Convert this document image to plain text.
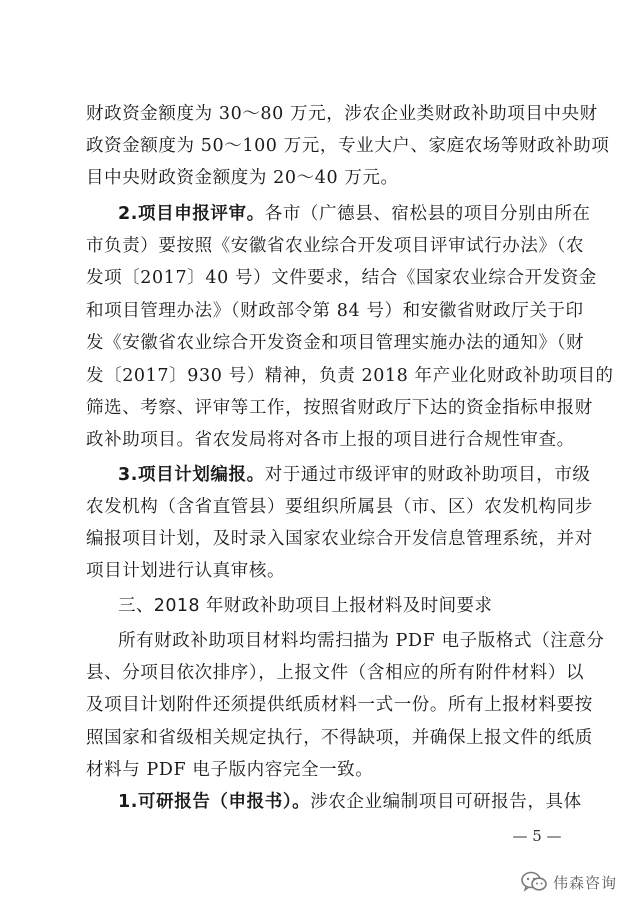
财政资金额度为 30～80 万元，涉农企业类财政补助项目中央财
政资金额度为 50～100 万元，专业大户、家庭农场等财政补助项
目中央财政资金额度为 20～40 万元。
2.项目申报评审。各市（广德县、宿松县的项目分别由所在
市负责）要按照《安徽省农业综合开发项目评审试行办法》（农
发项〔2017〕40 号）文件要求，结合《国家农业综合开发资金
和项目管理办法》（财政部令第 84 号）和安徽省财政厅关于印
发《安徽省农业综合开发资金和项目管理实施办法的通知》（财
发〔2017〕930 号）精神，负责 2018 年产业化财政补助项目的
筛选、考察、评审等工作，按照省财政厅下达的资金指标申报财
政补助项目。省农发局将对各市上报的项目进行合规性审查。
3.项目计划编报。对于通过市级评审的财政补助项目，市级
农发机构（含省直管县）要组织所属县（市、区）农发机构同步
编报项目计划，及时录入国家农业综合开发信息管理系统，并对
项目计划进行认真审核。
三、2018 年财政补助项目上报材料及时间要求
所有财政补助项目材料均需扫描为 PDF 电子版格式（注意分
县、分项目依次排序），上报文件（含相应的所有附件材料）以
及项目计划附件还须提供纸质材料一式一份。所有上报材料要按
照国家和省级相关规定执行，不得缺项，并确保上报文件的纸质
材料与 PDF 电子版内容完全一致。
1.可研报告（申报书）。涉农企业编制项目可研报告，具体
— 5 —
伟森咨询
